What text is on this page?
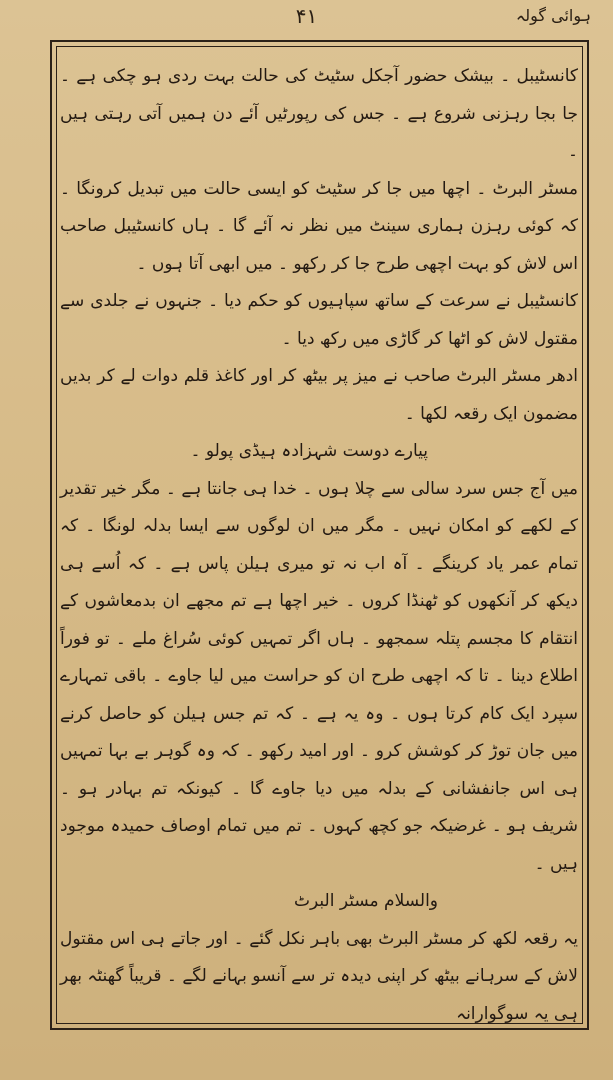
ہوائی گولہ
۴۱

کانسٹیبل ۔ بیشک حضور آجکل سٹیٹ کی حالت بہت ردی ہو چکی ہے ۔ جا بجا رہزنی شروع ہے ۔ جس کی رپورٹیں آئے دن ہمیں آتی رہتی ہیں ۔

مسٹر البرٹ ۔ اچھا میں جا کر سٹیٹ کو ایسی حالت میں تبدیل کرونگا ۔ کہ کوئی رہزن ہماری سینٹ میں نظر نہ آئے گا ۔ ہاں کانسٹیبل صاحب اس لاش کو بہت اچھی طرح جا کر رکھو ۔ میں ابھی آتا ہوں ۔

کانسٹیبل نے سرعت کے ساتھ سپاہیوں کو حکم دیا ۔ جنہوں نے جلدی سے مقتول لاش کو اٹھا کر گاڑی میں رکھ دیا ۔

ادھر مسٹر البرٹ صاحب نے میز پر بیٹھ کر اور کاغذ قلم دوات لے کر بدیں مضمون ایک رقعہ لکھا ۔

پیارے دوست شہزادہ ہیڈی پولو ۔

میں آج جس سرد سالی سے چلا ہوں ۔ خدا ہی جانتا ہے ۔ مگر خیر تقدیر کے لکھے کو امکان نہیں ۔ مگر میں ان لوگوں سے ایسا بدلہ لونگا ۔ کہ تمام عمر یاد کرینگے ۔ آہ اب نہ تو میری ہیلن پاس ہے ۔ کہ اُسے ہی دیکھ کر آنکھوں کو ٹھنڈا کروں ۔ خیر اچھا ہے تم مجھے ان بدمعاشوں کے انتقام کا مجسم پتلہ سمجھو ۔ ہاں اگر تمہیں کوئی سُراغ ملے ۔ تو فوراً اطلاع دینا ۔ تا کہ اچھی طرح ان کو حراست میں لیا جاوے ۔ باقی تمہارے سپرد ایک کام کرتا ہوں ۔ وہ یہ ہے ۔ کہ تم جس ہیلن کو حاصل کرنے میں جان توڑ کر کوشش کرو ۔ اور امید رکھو ۔ کہ وہ گوہر بے بہا تمہیں ہی اس جانفشانی کے بدلہ میں دیا جاوے گا ۔ کیونکہ تم بہادر ہو ۔ شریف ہو ۔ غرضیکہ جو کچھ کہوں ۔ تم میں تمام اوصاف حمیدہ موجود ہیں ۔

والسلام مسٹر البرٹ

یہ رقعہ لکھ کر مسٹر البرٹ بھی باہر نکل گئے ۔ اور جاتے ہی اس مقتول لاش کے سرہانے بیٹھ کر اپنی دیدہ تر سے آنسو بہانے لگے ۔ قریباً گھنٹہ بھر ہی یہ سوگوارانہ
